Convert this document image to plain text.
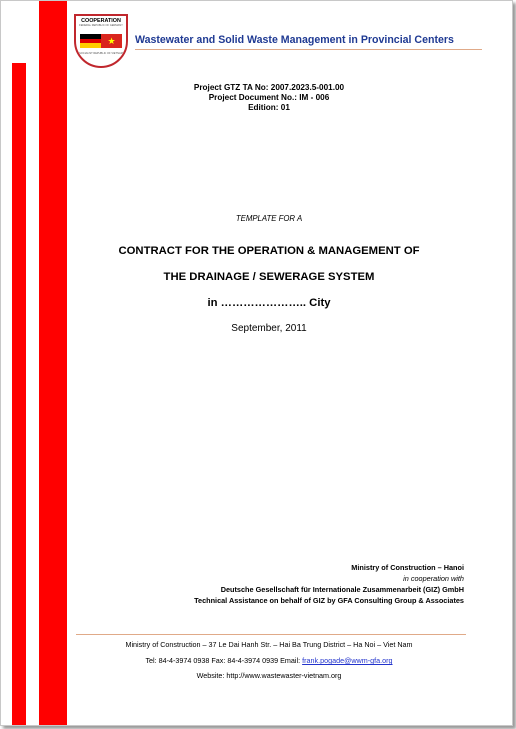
COOPERATION
FEDERAL REPUBLIC OF GERMANY
★
SOCIALIST REPUBLIC OF VIETNAM
Wastewater and Solid Waste Management in Provincial Centers
Project GTZ TA No: 2007.2023.5-001.00
Project Document No.: IM - 006
Edition: 01
TEMPLATE FOR A
CONTRACT FOR THE OPERATION & MANAGEMENT OF
THE DRAINAGE / SEWERAGE SYSTEM
in ………………….. City
September, 2011
Ministry of Construction – Hanoi
in cooperation with
Deutsche Gesellschaft für Internationale Zusammenarbeit (GIZ) GmbH
Technical Assistance on behalf of GIZ by GFA Consulting Group & Associates
Ministry of Construction – 37 Le Dai Hanh Str. – Hai Ba Trung District – Ha Noi – Viet Nam
Tel: 84-4-3974 0938 Fax: 84-4-3974 0939 Email: frank.pogade@wwm-gfa.org
Website: http://www.wastewaster-vietnam.org
